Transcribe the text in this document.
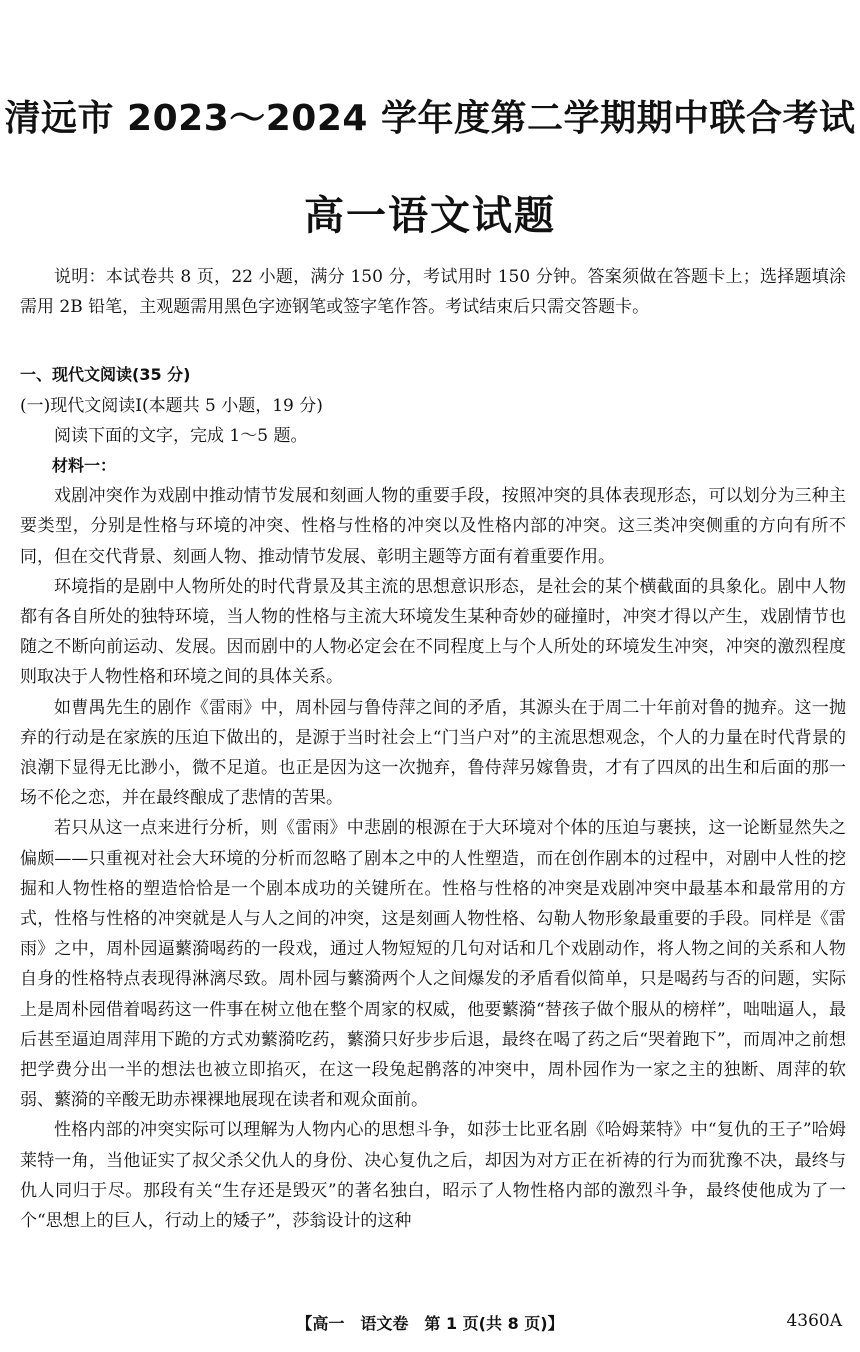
清远市 2023～2024 学年度第二学期期中联合考试
高一语文试题

说明：本试卷共 8 页，22 小题，满分 150 分，考试用时 150 分钟。答案须做在答题卡上；选择题填涂需用 2B 铅笔，主观题需用黑色字迹钢笔或签字笔作答。考试结束后只需交答题卡。

一、现代文阅读(35 分)

(一)现代文阅读Ⅰ(本题共 5 小题，19 分)

阅读下面的文字，完成 1～5 题。

材料一：

戏剧冲突作为戏剧中推动情节发展和刻画人物的重要手段，按照冲突的具体表现形态，可以划分为三种主要类型，分别是性格与环境的冲突、性格与性格的冲突以及性格内部的冲突。这三类冲突侧重的方向有所不同，但在交代背景、刻画人物、推动情节发展、彰明主题等方面有着重要作用。

环境指的是剧中人物所处的时代背景及其主流的思想意识形态，是社会的某个横截面的具象化。剧中人物都有各自所处的独特环境，当人物的性格与主流大环境发生某种奇妙的碰撞时，冲突才得以产生，戏剧情节也随之不断向前运动、发展。因而剧中的人物必定会在不同程度上与个人所处的环境发生冲突，冲突的激烈程度则取决于人物性格和环境之间的具体关系。

如曹禺先生的剧作《雷雨》中，周朴园与鲁侍萍之间的矛盾，其源头在于周二十年前对鲁的抛弃。这一抛弃的行动是在家族的压迫下做出的，是源于当时社会上“门当户对”的主流思想观念，个人的力量在时代背景的浪潮下显得无比渺小，微不足道。也正是因为这一次抛弃，鲁侍萍另嫁鲁贵，才有了四凤的出生和后面的那一场不伦之恋，并在最终酿成了悲情的苦果。

若只从这一点来进行分析，则《雷雨》中悲剧的根源在于大环境对个体的压迫与裹挟，这一论断显然失之偏颇——只重视对社会大环境的分析而忽略了剧本之中的人性塑造，而在创作剧本的过程中，对剧中人性的挖掘和人物性格的塑造恰恰是一个剧本成功的关键所在。性格与性格的冲突是戏剧冲突中最基本和最常用的方式，性格与性格的冲突就是人与人之间的冲突，这是刻画人物性格、勾勒人物形象最重要的手段。同样是《雷雨》之中，周朴园逼蘩漪喝药的一段戏，通过人物短短的几句对话和几个戏剧动作，将人物之间的关系和人物自身的性格特点表现得淋漓尽致。周朴园与蘩漪两个人之间爆发的矛盾看似简单，只是喝药与否的问题，实际上是周朴园借着喝药这一件事在树立他在整个周家的权威，他要蘩漪“替孩子做个服从的榜样”，咄咄逼人，最后甚至逼迫周萍用下跪的方式劝蘩漪吃药，蘩漪只好步步后退，最终在喝了药之后“哭着跑下”，而周冲之前想把学费分出一半的想法也被立即掐灭，在这一段兔起鹘落的冲突中，周朴园作为一家之主的独断、周萍的软弱、蘩漪的辛酸无助赤裸裸地展现在读者和观众面前。

性格内部的冲突实际可以理解为人物内心的思想斗争，如莎士比亚名剧《哈姆莱特》中“复仇的王子”哈姆莱特一角，当他证实了叔父杀父仇人的身份、决心复仇之后，却因为对方正在祈祷的行为而犹豫不决，最终与仇人同归于尽。那段有关“生存还是毁灭”的著名独白，昭示了人物性格内部的激烈斗争，最终使他成为了一个“思想上的巨人，行动上的矮子”，莎翁设计的这种

【高一　语文卷　第 1 页(共 8 页)】	4360A
